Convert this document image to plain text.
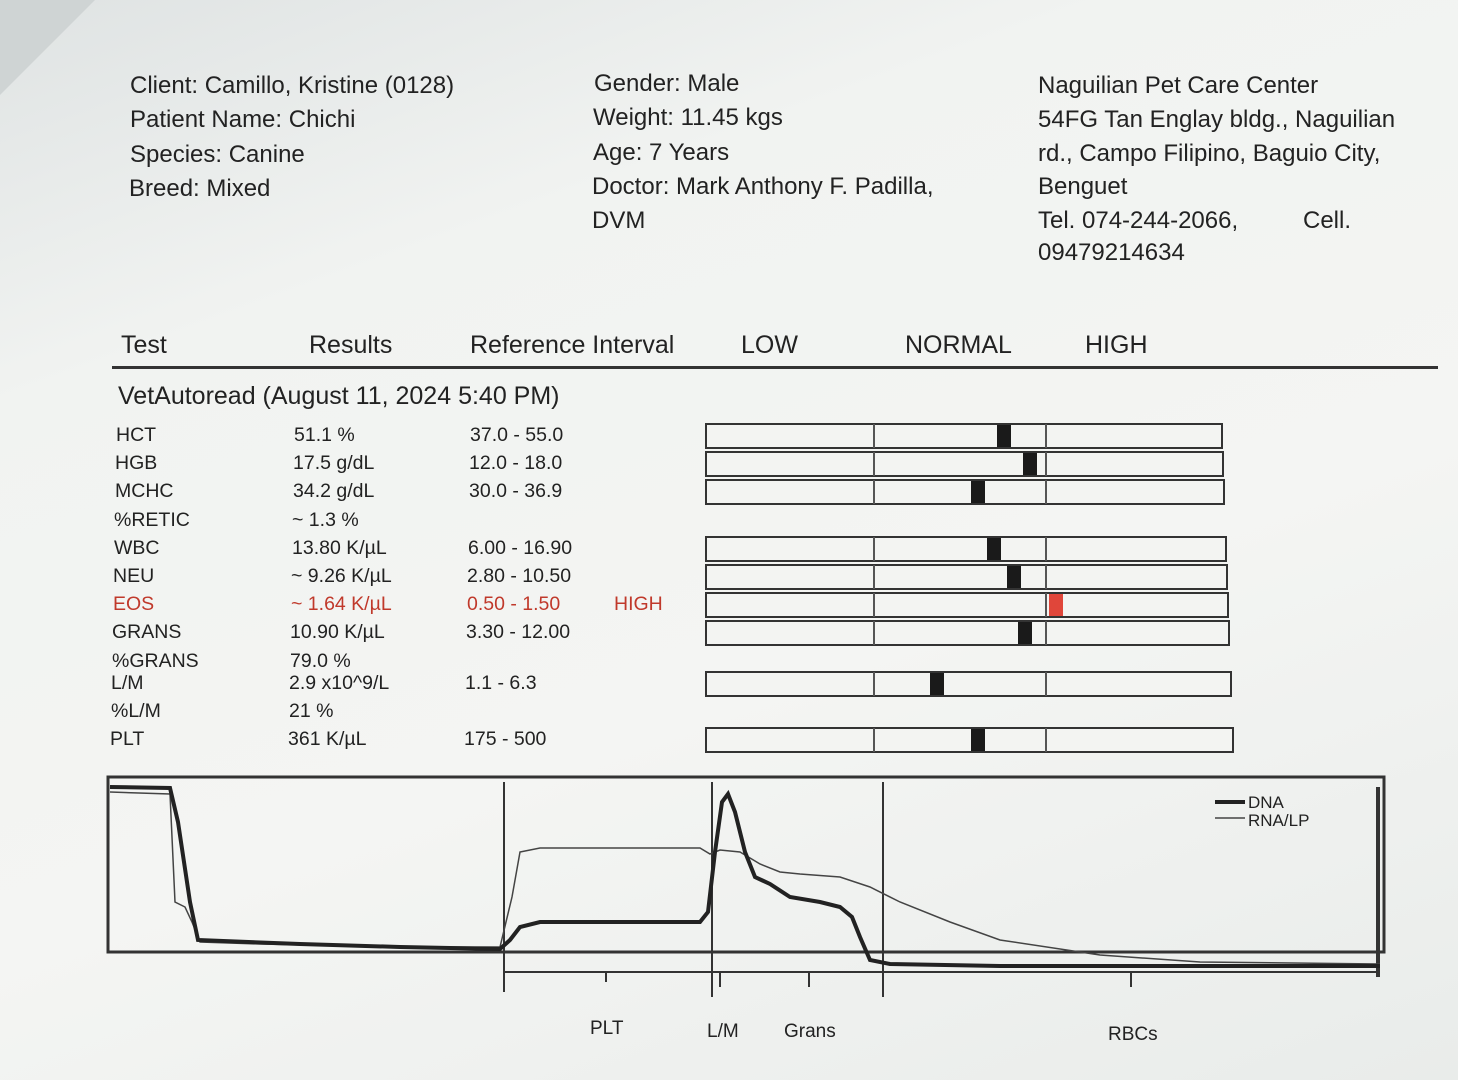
Client: Camillo, Kristine (0128)
Patient Name: Chichi
Species: Canine
Breed: Mixed
Gender: Male
Weight: 11.45 kgs
Age: 7 Years
Doctor: Mark Anthony F. Padilla,
DVM
Naguilian Pet Care Center
54FG Tan Englay bldg., Naguilian
rd., Campo Filipino, Baguio City,
Benguet
Tel. 074-244-2066,	Cell.
09479214634
Test	Results	Reference Interval	LOW	NORMAL	HIGH
VetAutoread (August 11, 2024 5:40 PM)
HCT	51.1 %	37.0 - 55.0
HGB	17.5 g/dL	12.0 - 18.0
MCHC	34.2 g/dL	30.0 - 36.9
%RETIC	~ 1.3 %
WBC	13.80 K/µL	6.00 - 16.90
NEU	~ 9.26 K/µL	2.80 - 10.50
EOS	~ 1.64 K/µL	0.50 - 1.50	HIGH
GRANS	10.90 K/µL	3.30 - 12.00
%GRANS	79.0 %
L/M	2.9 x10^9/L	1.1 - 6.3
%L/M	21 %
PLT	361 K/µL	175 - 500
DNA
RNA/LP
PLT	L/M Grans	RBCs
